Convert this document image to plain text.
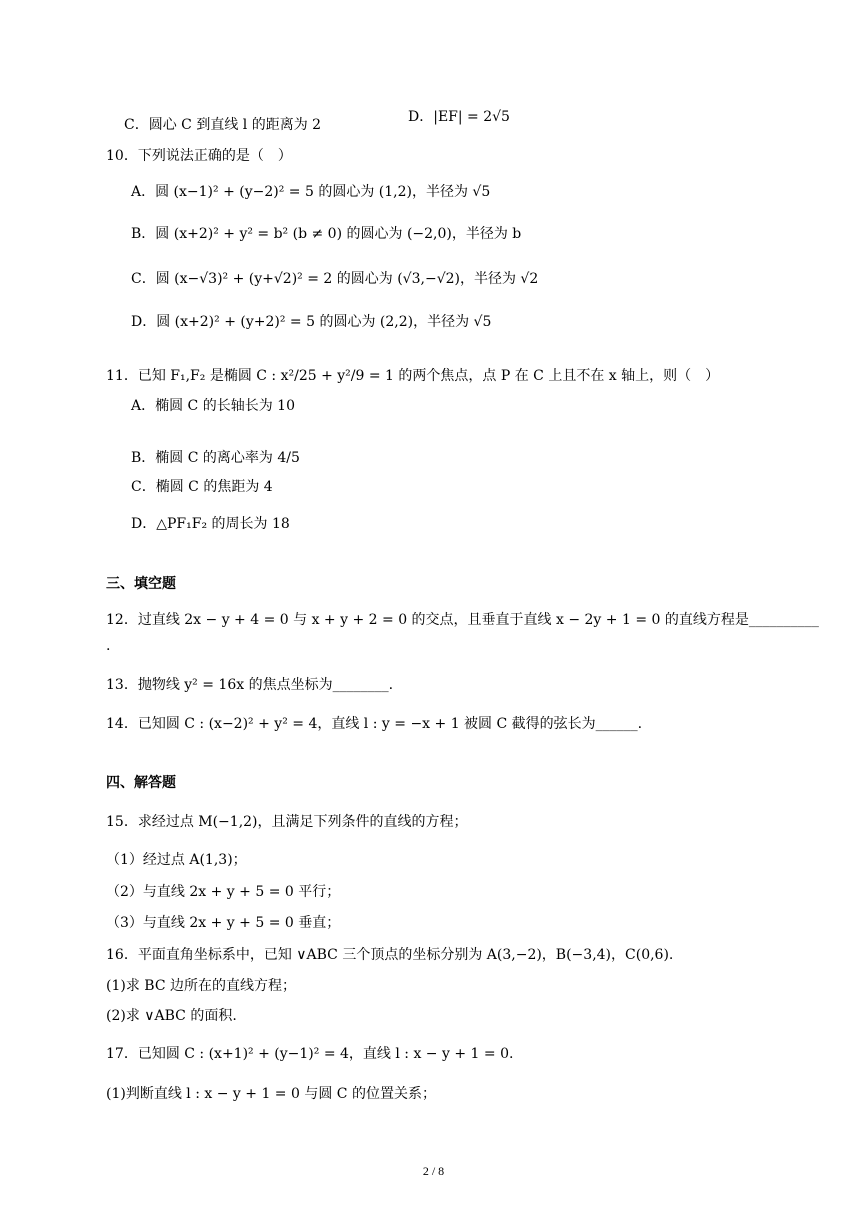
C．圆心 C 到直线 l 的距离为 2	D．|EF| = 2√5
10．下列说法正确的是（　）
A．圆 (x−1)² + (y−2)² = 5 的圆心为 (1,2)，半径为 √5
B．圆 (x+2)² + y² = b² (b ≠ 0) 的圆心为 (−2,0)，半径为 b
C．圆 (x−√3)² + (y+√2)² = 2 的圆心为 (√3,−√2)，半径为 √2
D．圆 (x+2)² + (y+2)² = 5 的圆心为 (2,2)，半径为 √5
11．已知 F₁,F₂ 是椭圆 C : x²/25 + y²/9 = 1 的两个焦点，点 P 在 C 上且不在 x 轴上，则（　）
A．椭圆 C 的长轴长为 10
B．椭圆 C 的离心率为 4/5
C．椭圆 C 的焦距为 4
D．△PF₁F₂ 的周长为 18
三、填空题
12．过直线 2x − y + 4 = 0 与 x + y + 2 = 0 的交点，且垂直于直线 x − 2y + 1 = 0 的直线方程是__________
.
13．抛物线 y² = 16x 的焦点坐标为________.
14．已知圆 C : (x−2)² + y² = 4，直线 l : y = −x + 1 被圆 C 截得的弦长为______.
四、解答题
15．求经过点 M(−1,2)，且满足下列条件的直线的方程；
（1）经过点 A(1,3)；
（2）与直线 2x + y + 5 = 0 平行；
（3）与直线 2x + y + 5 = 0 垂直；
16．平面直角坐标系中，已知 ∨ABC 三个顶点的坐标分别为 A(3,−2)，B(−3,4)，C(0,6).
(1)求 BC 边所在的直线方程；
(2)求 ∨ABC 的面积.
17．已知圆 C : (x+1)² + (y−1)² = 4，直线 l : x − y + 1 = 0.
(1)判断直线 l : x − y + 1 = 0 与圆 C 的位置关系；
2 / 8
